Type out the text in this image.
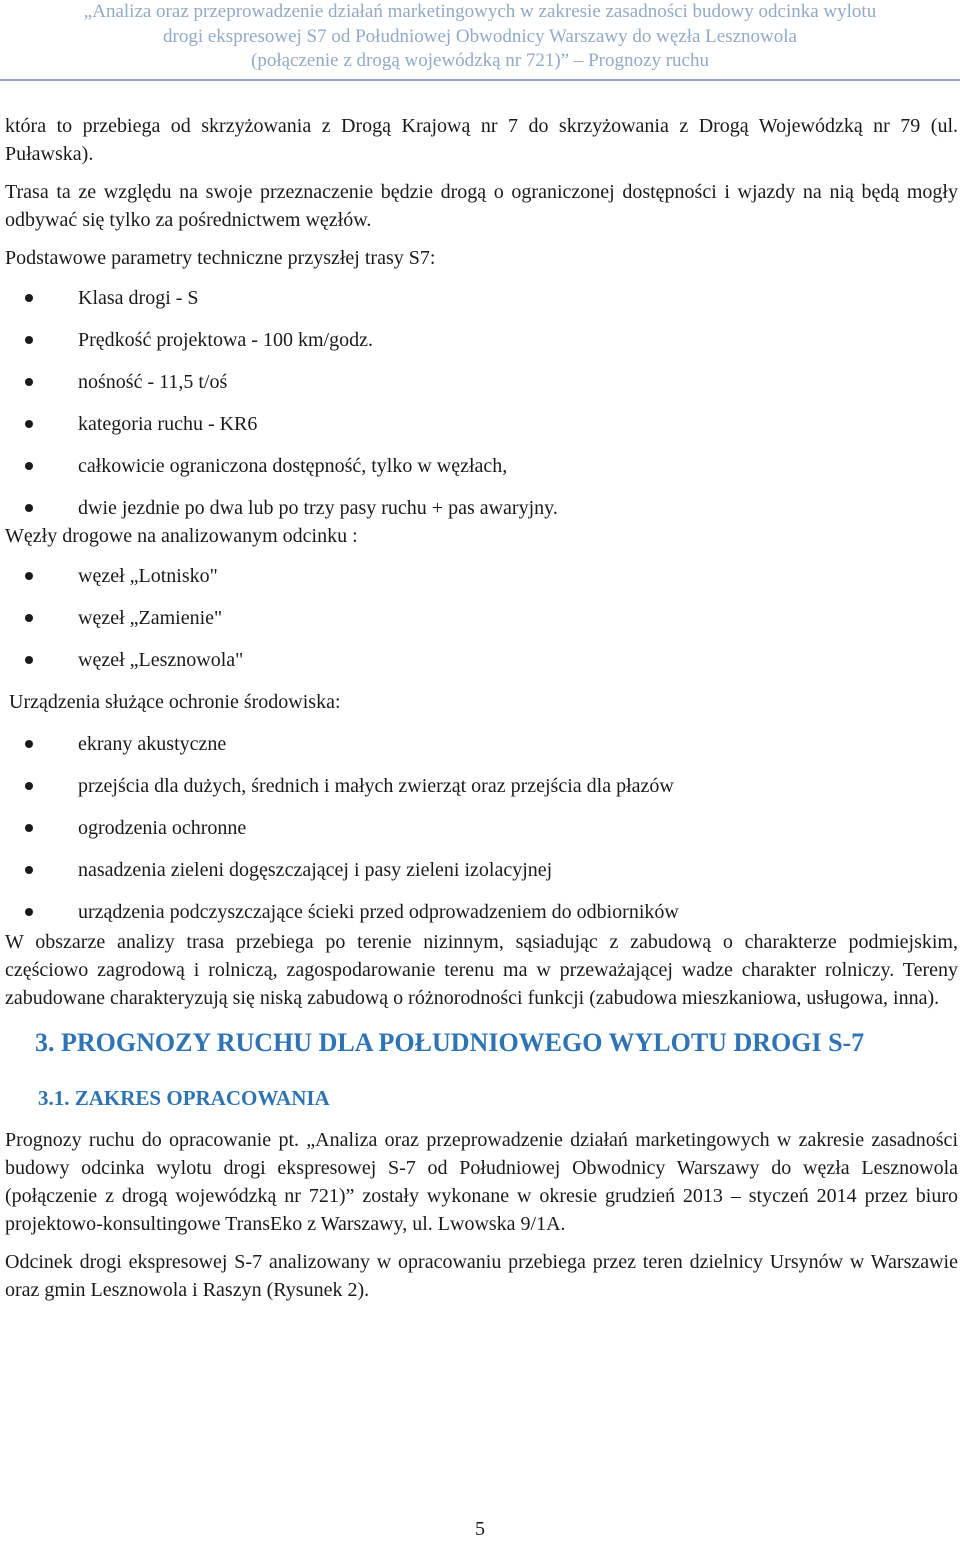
„Analiza oraz przeprowadzenie działań marketingowych w zakresie zasadności budowy odcinka wylotu
drogi ekspresowej S7 od Południowej Obwodnicy Warszawy do węzła Lesznowola
(połączenie z drogą wojewódzką nr 721)” – Prognozy ruchu

która to przebiega od skrzyżowania z Drogą Krajową nr 7 do skrzyżowania z Drogą Wojewódzką nr 79 (ul. Puławska).

Trasa ta ze względu na swoje przeznaczenie będzie drogą o ograniczonej dostępności i wjazdy na nią będą mogły odbywać się tylko za pośrednictwem węzłów.

Podstawowe parametry techniczne przyszłej trasy S7:

Klasa drogi - S
Prędkość projektowa - 100 km/godz.
nośność - 11,5 t/oś
kategoria ruchu - KR6
całkowicie ograniczona dostępność, tylko w węzłach,
dwie jezdnie po dwa lub po trzy pasy ruchu + pas awaryjny.

Węzły drogowe na analizowanym odcinku :

węzeł „Lotnisko"
węzeł „Zamienie"
węzeł „Lesznowola"

Urządzenia służące ochronie środowiska:

ekrany akustyczne
przejścia dla dużych, średnich i małych zwierząt oraz przejścia dla płazów
ogrodzenia ochronne
nasadzenia zieleni dogęszczającej i pasy zieleni izolacyjnej
urządzenia podczyszczające ścieki przed odprowadzeniem do odbiorników

W obszarze analizy trasa przebiega po terenie nizinnym, sąsiadując z zabudową o charakterze podmiejskim, częściowo zagrodową i rolniczą, zagospodarowanie terenu ma w przeważającej wadze charakter rolniczy. Tereny zabudowane charakteryzują się niską zabudową o różnorodności funkcji (zabudowa mieszkaniowa, usługowa, inna).

3. PROGNOZY RUCHU DLA POŁUDNIOWEGO WYLOTU DROGI S-7
3.1. ZAKRES OPRACOWANIA

Prognozy ruchu do opracowanie pt. „Analiza oraz przeprowadzenie działań marketingowych w zakresie zasadności budowy odcinka wylotu drogi ekspresowej S-7 od Południowej Obwodnicy Warszawy do węzła Lesznowola (połączenie z drogą wojewódzką nr 721)” zostały wykonane w okresie grudzień 2013 – styczeń 2014 przez biuro projektowo-konsultingowe TransEko z Warszawy, ul. Lwowska 9/1A.

Odcinek drogi ekspresowej S-7 analizowany w opracowaniu przebiega przez teren dzielnicy Ursynów w Warszawie oraz gmin Lesznowola i Raszyn (Rysunek 2).

5
